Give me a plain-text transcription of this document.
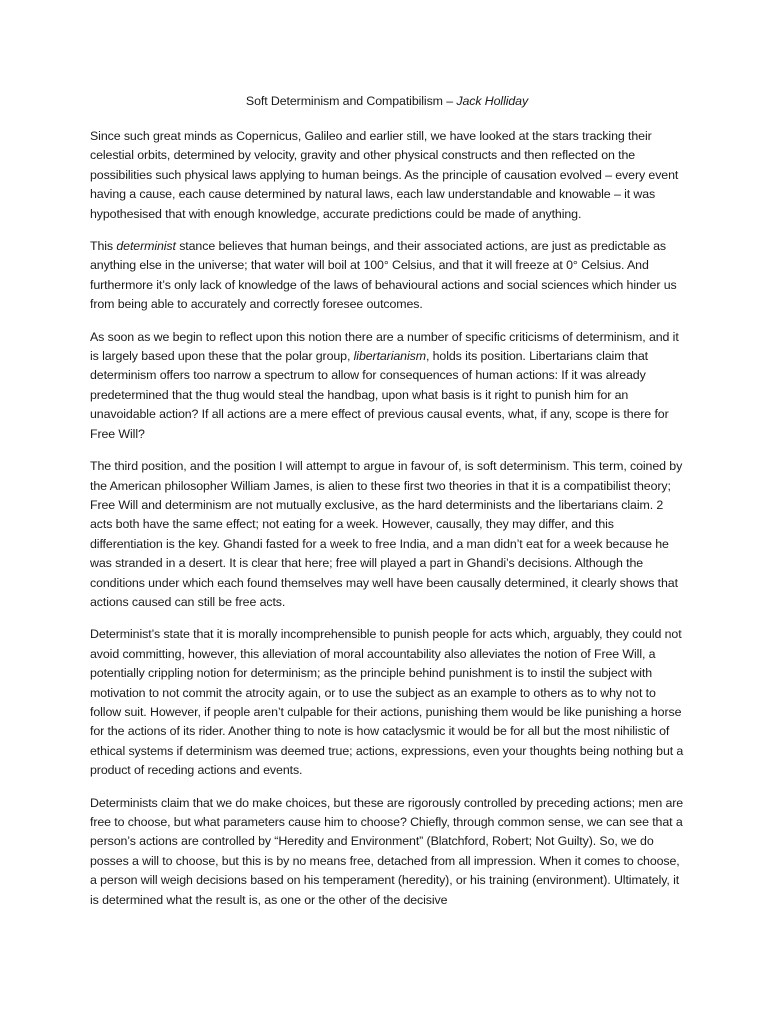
Soft Determinism and Compatibilism – Jack Holliday

Since such great minds as Copernicus, Galileo and earlier still, we have looked at the stars tracking their celestial orbits, determined by velocity, gravity and other physical constructs and then reflected on the possibilities such physical laws applying to human beings. As the principle of causation evolved – every event having a cause, each cause determined by natural laws, each law understandable and knowable – it was hypothesised that with enough knowledge, accurate predictions could be made of anything.

This determinist stance believes that human beings, and their associated actions, are just as predictable as anything else in the universe; that water will boil at 100° Celsius, and that it will freeze at 0° Celsius. And furthermore it’s only lack of knowledge of the laws of behavioural actions and social sciences which hinder us from being able to accurately and correctly foresee outcomes.

As soon as we begin to reflect upon this notion there are a number of specific criticisms of determinism, and it is largely based upon these that the polar group, libertarianism, holds its position. Libertarians claim that determinism offers too narrow a spectrum to allow for consequences of human actions: If it was already predetermined that the thug would steal the handbag, upon what basis is it right to punish him for an unavoidable action? If all actions are a mere effect of previous causal events, what, if any, scope is there for Free Will?

The third position, and the position I will attempt to argue in favour of, is soft determinism. This term, coined by the American philosopher William James, is alien to these first two theories in that it is a compatibilist theory; Free Will and determinism are not mutually exclusive, as the hard determinists and the libertarians claim. 2 acts both have the same effect; not eating for a week. However, causally, they may differ, and this differentiation is the key. Ghandi fasted for a week to free India, and a man didn’t eat for a week because he was stranded in a desert. It is clear that here; free will played a part in Ghandi’s decisions. Although the conditions under which each found themselves may well have been causally determined, it clearly shows that actions caused can still be free acts.

Determinist’s state that it is morally incomprehensible to punish people for acts which, arguably, they could not avoid committing, however, this alleviation of moral accountability also alleviates the notion of Free Will, a potentially crippling notion for determinism; as the principle behind punishment is to instil the subject with motivation to not commit the atrocity again, or to use the subject as an example to others as to why not to follow suit. However, if people aren’t culpable for their actions, punishing them would be like punishing a horse for the actions of its rider. Another thing to note is how cataclysmic it would be for all but the most nihilistic of ethical systems if determinism was deemed true; actions, expressions, even your thoughts being nothing but a product of receding actions and events.

Determinists claim that we do make choices, but these are rigorously controlled by preceding actions; men are free to choose, but what parameters cause him to choose? Chiefly, through common sense, we can see that a person’s actions are controlled by “Heredity and Environment” (Blatchford, Robert; Not Guilty). So, we do posses a will to choose, but this is by no means free, detached from all impression. When it comes to choose, a person will weigh decisions based on his temperament (heredity), or his training (environment). Ultimately, it is determined what the result is, as one or the other of the decisive
